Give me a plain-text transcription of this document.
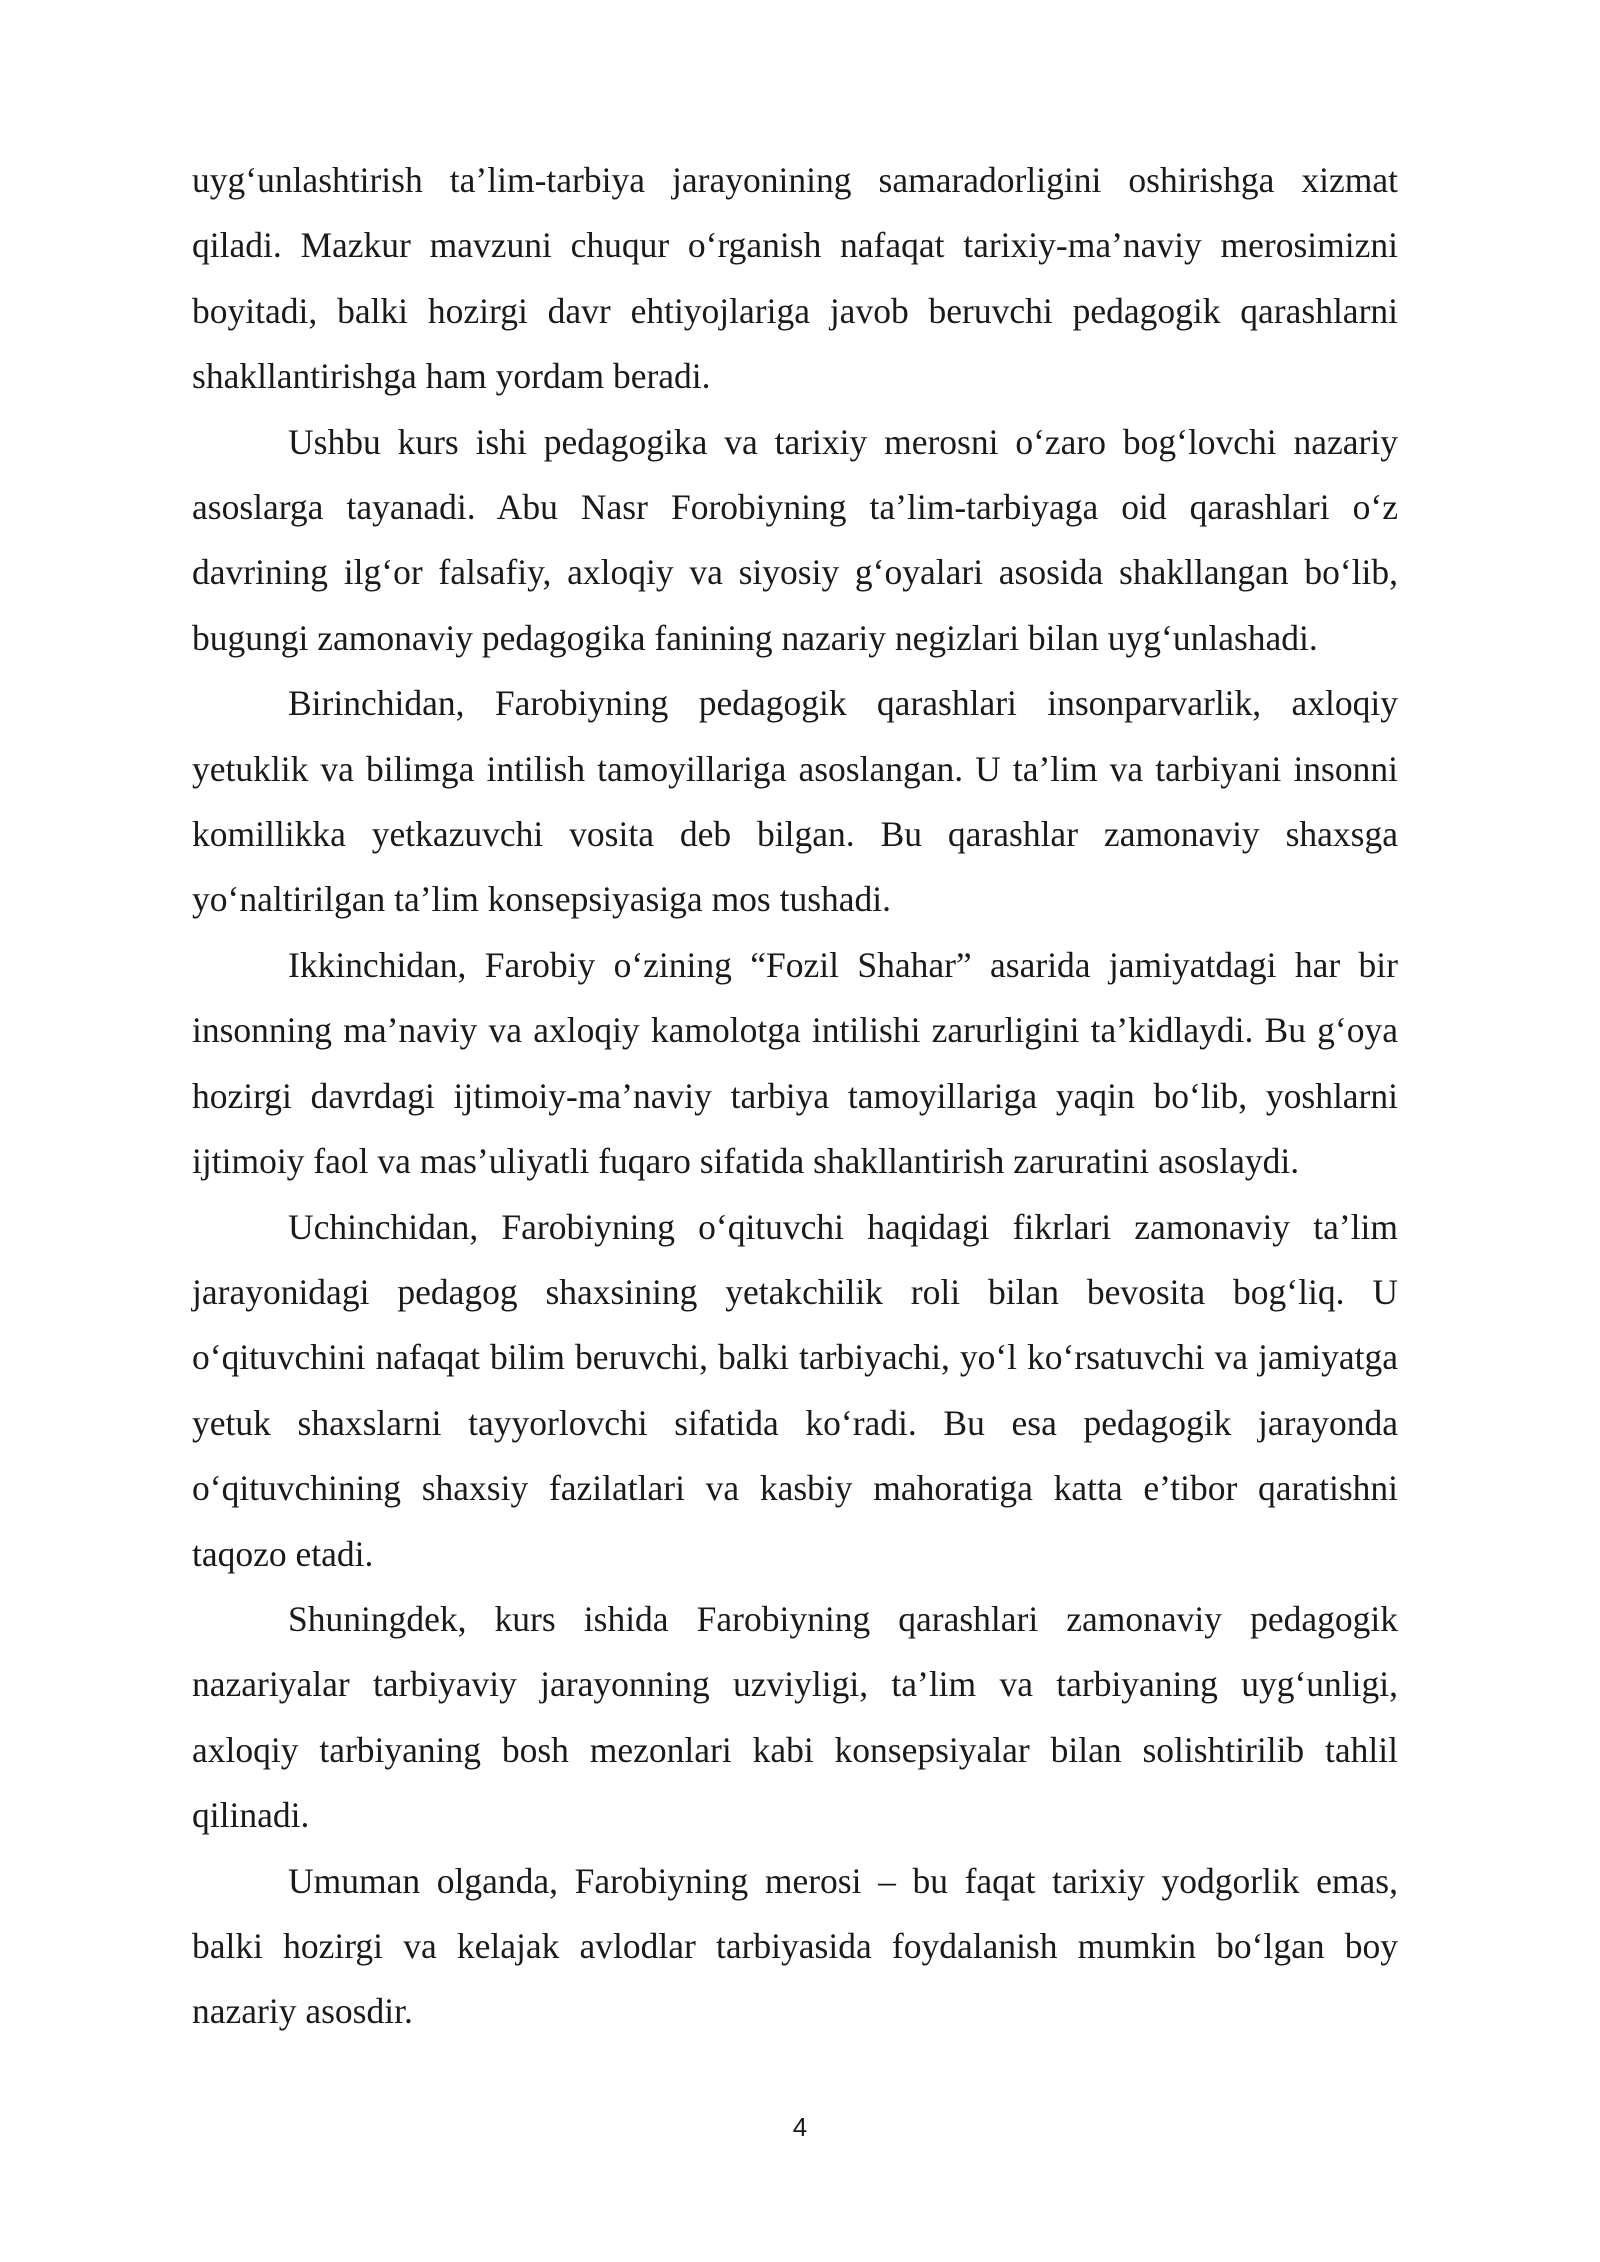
uyg‘unlashtirish ta’lim-tarbiya jarayonining samaradorligini oshirishga xizmat qiladi. Mazkur mavzuni chuqur o‘rganish nafaqat tarixiy-ma’naviy merosimizni boyitadi, balki hozirgi davr ehtiyojlariga javob beruvchi pedagogik qarashlarni shakllantirishga ham yordam beradi.

Ushbu kurs ishi pedagogika va tarixiy merosni o‘zaro bog‘lovchi nazariy asoslarga tayanadi. Abu Nasr Forobiyning ta’lim-tarbiyaga oid qarashlari o‘z davrining ilg‘or falsafiy, axloqiy va siyosiy g‘oyalari asosida shakllangan bo‘lib, bugungi zamonaviy pedagogika fanining nazariy negizlari bilan uyg‘unlashadi.

Birinchidan, Farobiyning pedagogik qarashlari insonparvarlik, axloqiy yetuklik va bilimga intilish tamoyillariga asoslangan. U ta’lim va tarbiyani insonni komillikka yetkazuvchi vosita deb bilgan. Bu qarashlar zamonaviy shaxsga yo‘naltirilgan ta’lim konsepsiyasiga mos tushadi.

Ikkinchidan, Farobiy o‘zining “Fozil Shahar” asarida jamiyatdagi har bir insonning ma’naviy va axloqiy kamolotga intilishi zarurligini ta’kidlaydi. Bu g‘oya hozirgi davrdagi ijtimoiy-ma’naviy tarbiya tamoyillariga yaqin bo‘lib, yoshlarni ijtimoiy faol va mas’uliyatli fuqaro sifatida shakllantirish zaruratini asoslaydi.

Uchinchidan, Farobiyning o‘qituvchi haqidagi fikrlari zamonaviy ta’lim jarayonidagi pedagog shaxsining yetakchilik roli bilan bevosita bog‘liq. U o‘qituvchini nafaqat bilim beruvchi, balki tarbiyachi, yo‘l ko‘rsatuvchi va jamiyatga yetuk shaxslarni tayyorlovchi sifatida ko‘radi. Bu esa pedagogik jarayonda o‘qituvchining shaxsiy fazilatlari va kasbiy mahoratiga katta e’tibor qaratishni taqozo etadi.

Shuningdek, kurs ishida Farobiyning qarashlari zamonaviy pedagogik nazariyalar tarbiyaviy jarayonning uzviyligi, ta’lim va tarbiyaning uyg‘unligi, axloqiy tarbiyaning bosh mezonlari kabi konsepsiyalar bilan solishtirilib tahlil qilinadi.

Umuman olganda, Farobiyning merosi – bu faqat tarixiy yodgorlik emas, balki hozirgi va kelajak avlodlar tarbiyasida foydalanish mumkin bo‘lgan boy nazariy asosdir.

4
